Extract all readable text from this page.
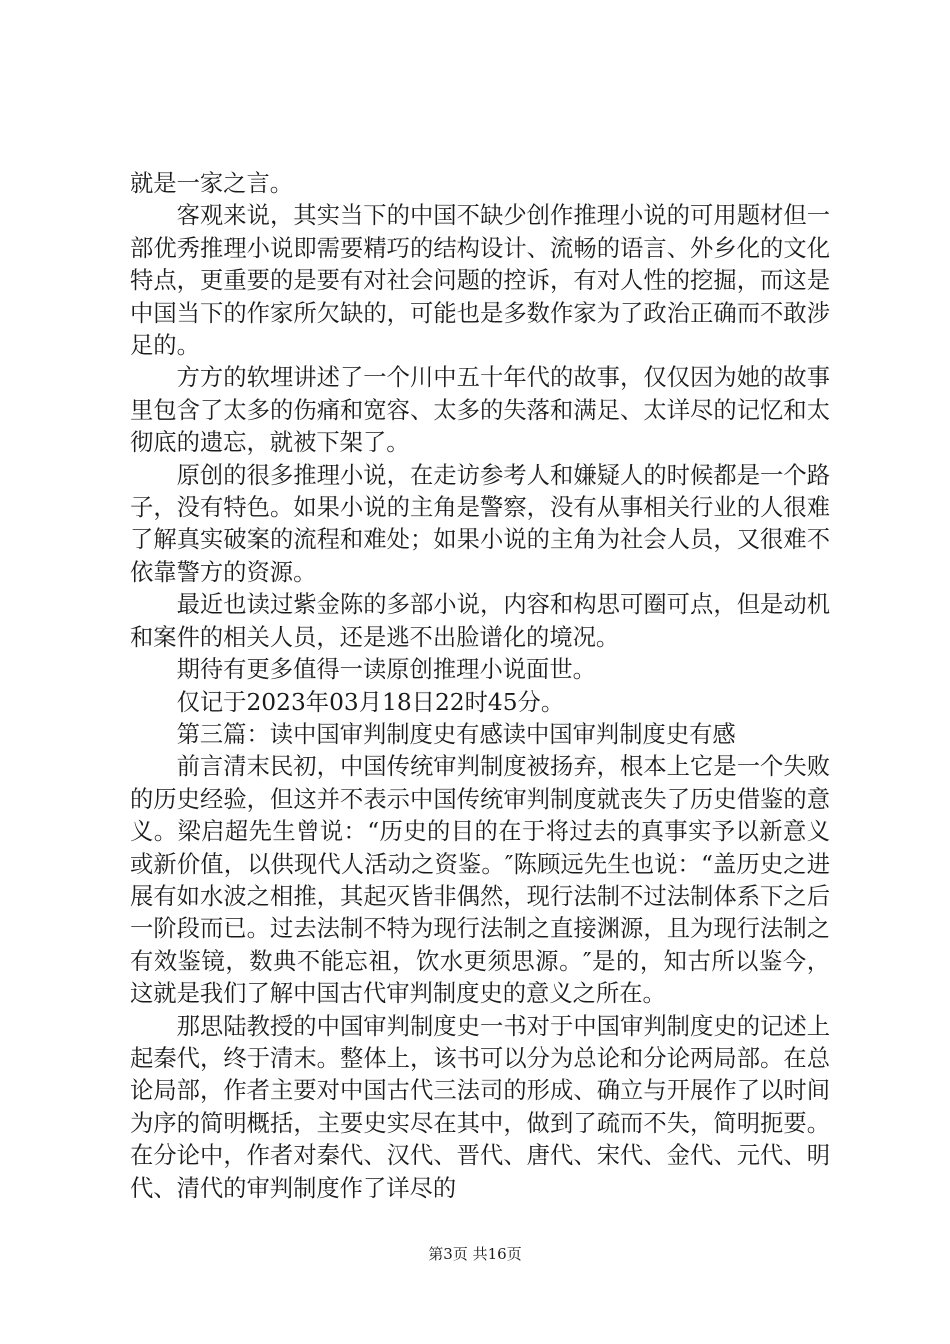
就是一家之言。

客观来说，其实当下的中国不缺少创作推理小说的可用题材但一部优秀推理小说即需要精巧的结构设计、流畅的语言、外乡化的文化特点，更重要的是要有对社会问题的控诉，有对人性的挖掘，而这是中国当下的作家所欠缺的，可能也是多数作家为了政治正确而不敢涉足的。

方方的软埋讲述了一个川中五十年代的故事，仅仅因为她的故事里包含了太多的伤痛和宽容、太多的失落和满足、太详尽的记忆和太彻底的遗忘，就被下架了。

原创的很多推理小说，在走访参考人和嫌疑人的时候都是一个路子，没有特色。如果小说的主角是警察，没有从事相关行业的人很难了解真实破案的流程和难处；如果小说的主角为社会人员，又很难不依靠警方的资源。

最近也读过紫金陈的多部小说，内容和构思可圈可点，但是动机和案件的相关人员，还是逃不出脸谱化的境况。

期待有更多值得一读原创推理小说面世。

仅记于2023年03月18日22时45分。

第三篇：读中国审判制度史有感读中国审判制度史有感

前言清末民初，中国传统审判制度被扬弃，根本上它是一个失败的历史经验，但这并不表示中国传统审判制度就丧失了历史借鉴的意义。梁启超先生曾说：“历史的目的在于将过去的真事实予以新意义或新价值，以供现代人活动之资鉴。″陈顾远先生也说：“盖历史之进展有如水波之相推，其起灭皆非偶然，现行法制不过法制体系下之后一阶段而已。过去法制不特为现行法制之直接渊源，且为现行法制之有效鉴镜，数典不能忘祖，饮水更须思源。″是的，知古所以鉴今，这就是我们了解中国古代审判制度史的意义之所在。

那思陆教授的中国审判制度史一书对于中国审判制度史的记述上起秦代，终于清末。整体上，该书可以分为总论和分论两局部。在总论局部，作者主要对中国古代三法司的形成、确立与开展作了以时间为序的简明概括，主要史实尽在其中，做到了疏而不失，简明扼要。在分论中，作者对秦代、汉代、晋代、唐代、宋代、金代、元代、明代、清代的审判制度作了详尽的

第3页 共16页
